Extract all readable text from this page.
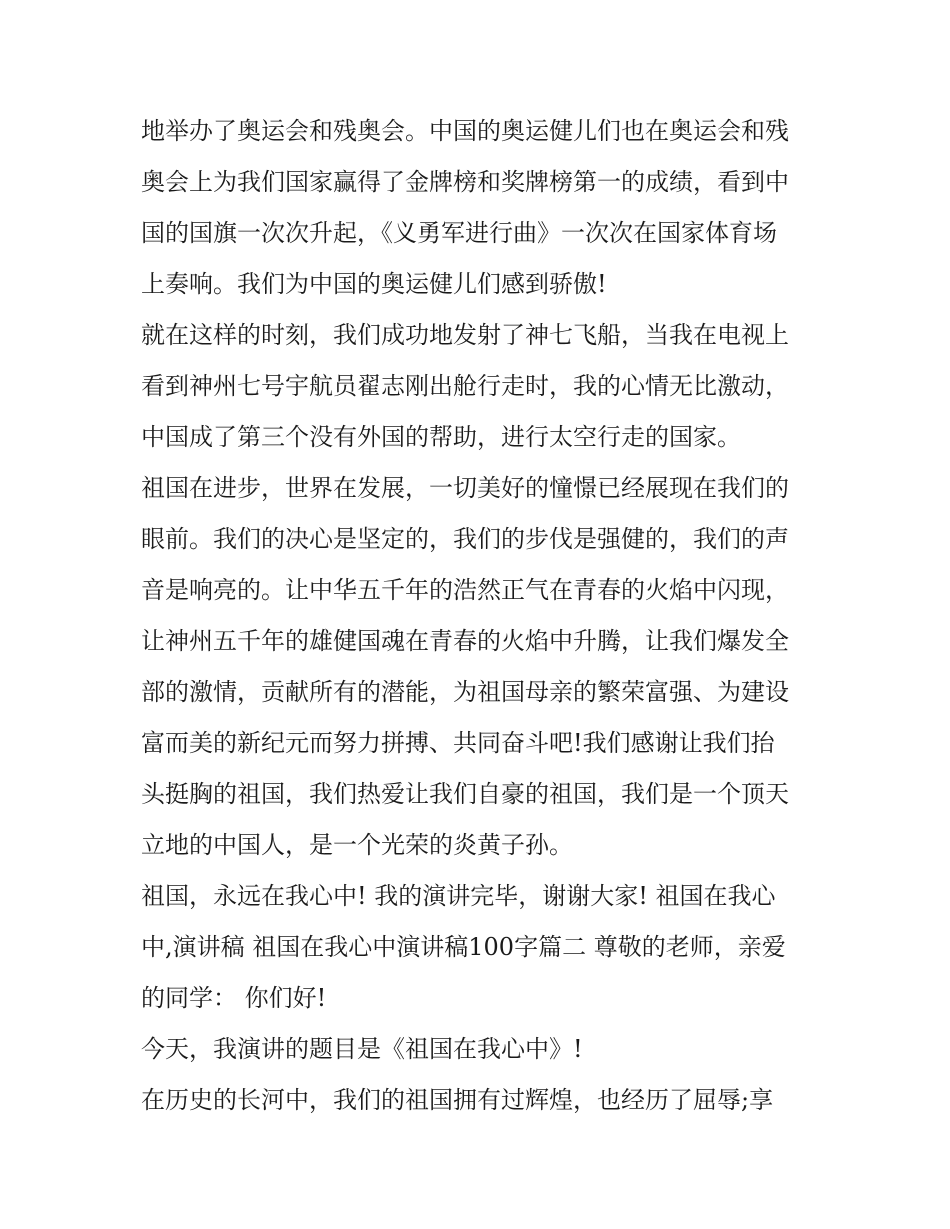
地举办了奥运会和残奥会。中国的奥运健儿们也在奥运会和残
奥会上为我们国家赢得了金牌榜和奖牌榜第一的成绩，看到中
国的国旗一次次升起，《义勇军进行曲》一次次在国家体育场
上奏响。我们为中国的奥运健儿们感到骄傲!
就在这样的时刻，我们成功地发射了神七飞船，当我在电视上
看到神州七号宇航员翟志刚出舱行走时，我的心情无比激动，
中国成了第三个没有外国的帮助，进行太空行走的国家。
祖国在进步，世界在发展，一切美好的憧憬已经展现在我们的
眼前。我们的决心是坚定的，我们的步伐是强健的，我们的声
音是响亮的。让中华五千年的浩然正气在青春的火焰中闪现，
让神州五千年的雄健国魂在青春的火焰中升腾，让我们爆发全
部的激情，贡献所有的潜能，为祖国母亲的繁荣富强、为建设
富而美的新纪元而努力拼搏、共同奋斗吧!我们感谢让我们抬
头挺胸的祖国，我们热爱让我们自豪的祖国，我们是一个顶天
立地的中国人，是一个光荣的炎黄子孙。
祖国，永远在我心中! 我的演讲完毕，谢谢大家! 祖国在我心
中,演讲稿 祖国在我心中演讲稿100字篇二 尊敬的老师，亲爱
的同学： 你们好!
今天，我演讲的题目是《祖国在我心中》!
在历史的长河中，我们的祖国拥有过辉煌，也经历了屈辱;享
